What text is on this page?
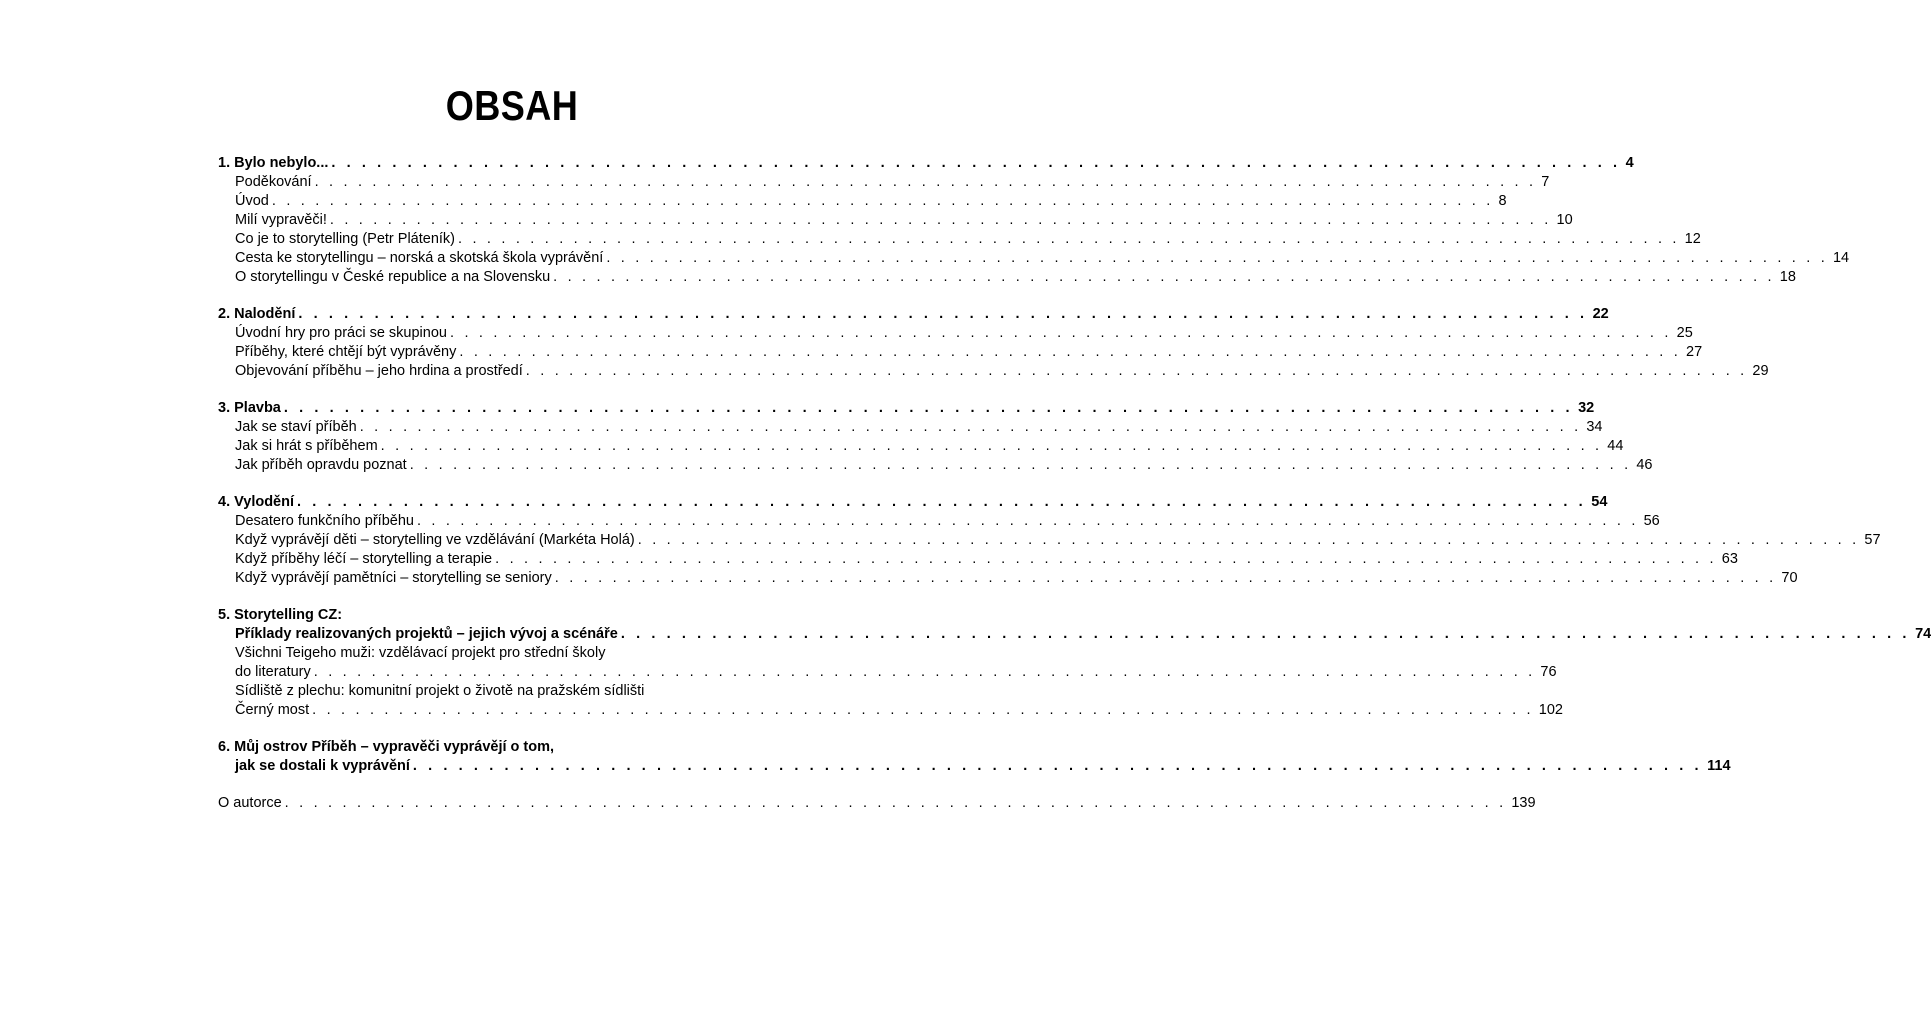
OBSAH
1. Bylo nebylo... . . . . . . . . . . . . . . . . . . . . . . . . . . . . . . . . . . . . . . . . . . . . . . . . . . . . . . . . . . . . . . . . . . . . . . . . . . . . . . . . . . . . . 4
Poděkování . . . . . . . . . . . . . . . . . . . . . . . . . . . . . . . . . . . . . . . . . . . . . . . . . . . . . . . . . . . . . . . . . . . . . . . . . . . . . . . . . . . . . 7
Úvod . . . . . . . . . . . . . . . . . . . . . . . . . . . . . . . . . . . . . . . . . . . . . . . . . . . . . . . . . . . . . . . . . . . . . . . . . . . . . . . . . . . . . 8
Milí vypravěči! . . . . . . . . . . . . . . . . . . . . . . . . . . . . . . . . . . . . . . . . . . . . . . . . . . . . . . . . . . . . . . . . . . . . . . . . . . . . . . . . . . . . . 10
Co je to storytelling (Petr Pláteník) . . . . . . . . . . . . . . . . . . . . . . . . . . . . . . . . . . . . . . . . . . . . . . . . . . . . . . . . . . . . . . . . . . . . . . . . . . . . . . . . . . . . . 12
Cesta ke storytellingu – norská a skotská škola vyprávění . . . . . . . . . . . . . . . . . . . . . . . . . . . . . . . . . . . . . . . . . . . . . . . . . . . . . . . . . . . . . . . . . . . . . . . . . . . . . . . . . . . . . 14
O storytellingu v České republice a na Slovensku . . . . . . . . . . . . . . . . . . . . . . . . . . . . . . . . . . . . . . . . . . . . . . . . . . . . . . . . . . . . . . . . . . . . . . . . . . . . . . . . . . . . . 18
2. Nalodění . . . . . . . . . . . . . . . . . . . . . . . . . . . . . . . . . . . . . . . . . . . . . . . . . . . . . . . . . . . . . . . . . . . . . . . . . . . . . . . . . . . . . 22
Úvodní hry pro práci se skupinou . . . . . . . . . . . . . . . . . . . . . . . . . . . . . . . . . . . . . . . . . . . . . . . . . . . . . . . . . . . . . . . . . . . . . . . . . . . . . . . . . . . . . 25
Příběhy, které chtějí být vyprávěny . . . . . . . . . . . . . . . . . . . . . . . . . . . . . . . . . . . . . . . . . . . . . . . . . . . . . . . . . . . . . . . . . . . . . . . . . . . . . . . . . . . . . 27
Objevování příběhu – jeho hrdina a prostředí . . . . . . . . . . . . . . . . . . . . . . . . . . . . . . . . . . . . . . . . . . . . . . . . . . . . . . . . . . . . . . . . . . . . . . . . . . . . . . . . . . . . . 29
3. Plavba . . . . . . . . . . . . . . . . . . . . . . . . . . . . . . . . . . . . . . . . . . . . . . . . . . . . . . . . . . . . . . . . . . . . . . . . . . . . . . . . . . . . . 32
Jak se staví příběh . . . . . . . . . . . . . . . . . . . . . . . . . . . . . . . . . . . . . . . . . . . . . . . . . . . . . . . . . . . . . . . . . . . . . . . . . . . . . . . . . . . . . 34
Jak si hrát s příběhem . . . . . . . . . . . . . . . . . . . . . . . . . . . . . . . . . . . . . . . . . . . . . . . . . . . . . . . . . . . . . . . . . . . . . . . . . . . . . . . . . . . . . 44
Jak příběh opravdu poznat . . . . . . . . . . . . . . . . . . . . . . . . . . . . . . . . . . . . . . . . . . . . . . . . . . . . . . . . . . . . . . . . . . . . . . . . . . . . . . . . . . . . . 46
4. Vylodění . . . . . . . . . . . . . . . . . . . . . . . . . . . . . . . . . . . . . . . . . . . . . . . . . . . . . . . . . . . . . . . . . . . . . . . . . . . . . . . . . . . . . 54
Desatero funkčního příběhu . . . . . . . . . . . . . . . . . . . . . . . . . . . . . . . . . . . . . . . . . . . . . . . . . . . . . . . . . . . . . . . . . . . . . . . . . . . . . . . . . . . . . 56
Když vyprávějí děti – storytelling ve vzdělávání (Markéta Holá) . . . . . . . . . . . . . . . . . . . . . . . . . . . . . . . . . . . . . . . . . . . . . . . . . . . . . . . . . . . . . . . . . . . . . . . . . . . . . . . . . . . . . 57
Když příběhy léčí – storytelling a terapie . . . . . . . . . . . . . . . . . . . . . . . . . . . . . . . . . . . . . . . . . . . . . . . . . . . . . . . . . . . . . . . . . . . . . . . . . . . . . . . . . . . . . 63
Když vyprávějí pamětníci – storytelling se seniory . . . . . . . . . . . . . . . . . . . . . . . . . . . . . . . . . . . . . . . . . . . . . . . . . . . . . . . . . . . . . . . . . . . . . . . . . . . . . . . . . . . . . 70
5. Storytelling CZ:
Příklady realizovaných projektů – jejich vývoj a scénáře . . . . . . . . . . . . . . . . . . . . . . . . . . . . . . . . . . . . . . . . . . . . . . . . . . . . . . . . . . . . . . . . . . . . . . . . . . . . . . . . . . . . . 74
Všichni Teigeho muži: vzdělávací projekt pro střední školy
do literatury . . . . . . . . . . . . . . . . . . . . . . . . . . . . . . . . . . . . . . . . . . . . . . . . . . . . . . . . . . . . . . . . . . . . . . . . . . . . . . . . . . . . . 76
Sídliště z plechu: komunitní projekt o životě na pražském sídlišti
Černý most . . . . . . . . . . . . . . . . . . . . . . . . . . . . . . . . . . . . . . . . . . . . . . . . . . . . . . . . . . . . . . . . . . . . . . . . . . . . . . . . . . . . . 102
6. Můj ostrov Příběh – vypravěči vyprávějí o tom,
jak se dostali k vyprávění . . . . . . . . . . . . . . . . . . . . . . . . . . . . . . . . . . . . . . . . . . . . . . . . . . . . . . . . . . . . . . . . . . . . . . . . . . . . . . . . . . . . . 114
O autorce . . . . . . . . . . . . . . . . . . . . . . . . . . . . . . . . . . . . . . . . . . . . . . . . . . . . . . . . . . . . . . . . . . . . . . . . . . . . . . . . . . . . . 139
